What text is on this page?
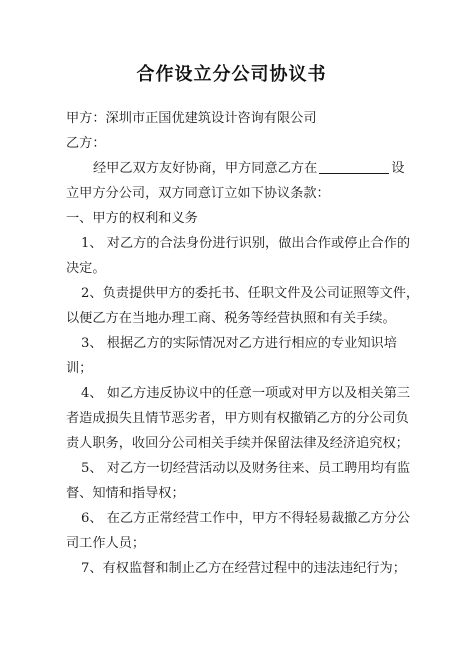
合作设立分公司协议书
甲方：深圳市正国优建筑设计咨询有限公司
乙方：
经甲乙双方友好协商，甲方同意乙方在	设
立甲方分公司，双方同意订立如下协议条款：
一、甲方的权利和义务
1、 对乙方的合法身份进行识别，做出合作或停止合作的
决定。
2、负责提供甲方的委托书、任职文件及公司证照等文件，
以便乙方在当地办理工商、税务等经营执照和有关手续。
3、 根据乙方的实际情况对乙方进行相应的专业知识培
训；
4、 如乙方违反协议中的任意一项或对甲方以及相关第三
者造成损失且情节恶劣者，甲方则有权撤销乙方的分公司负
责人职务，收回分公司相关手续并保留法律及经济追究权；
5、 对乙方一切经营活动以及财务往来、员工聘用均有监
督、知情和指导权；
6、 在乙方正常经营工作中，甲方不得轻易裁撤乙方分公
司工作人员；
7、有权监督和制止乙方在经营过程中的违法违纪行为；
